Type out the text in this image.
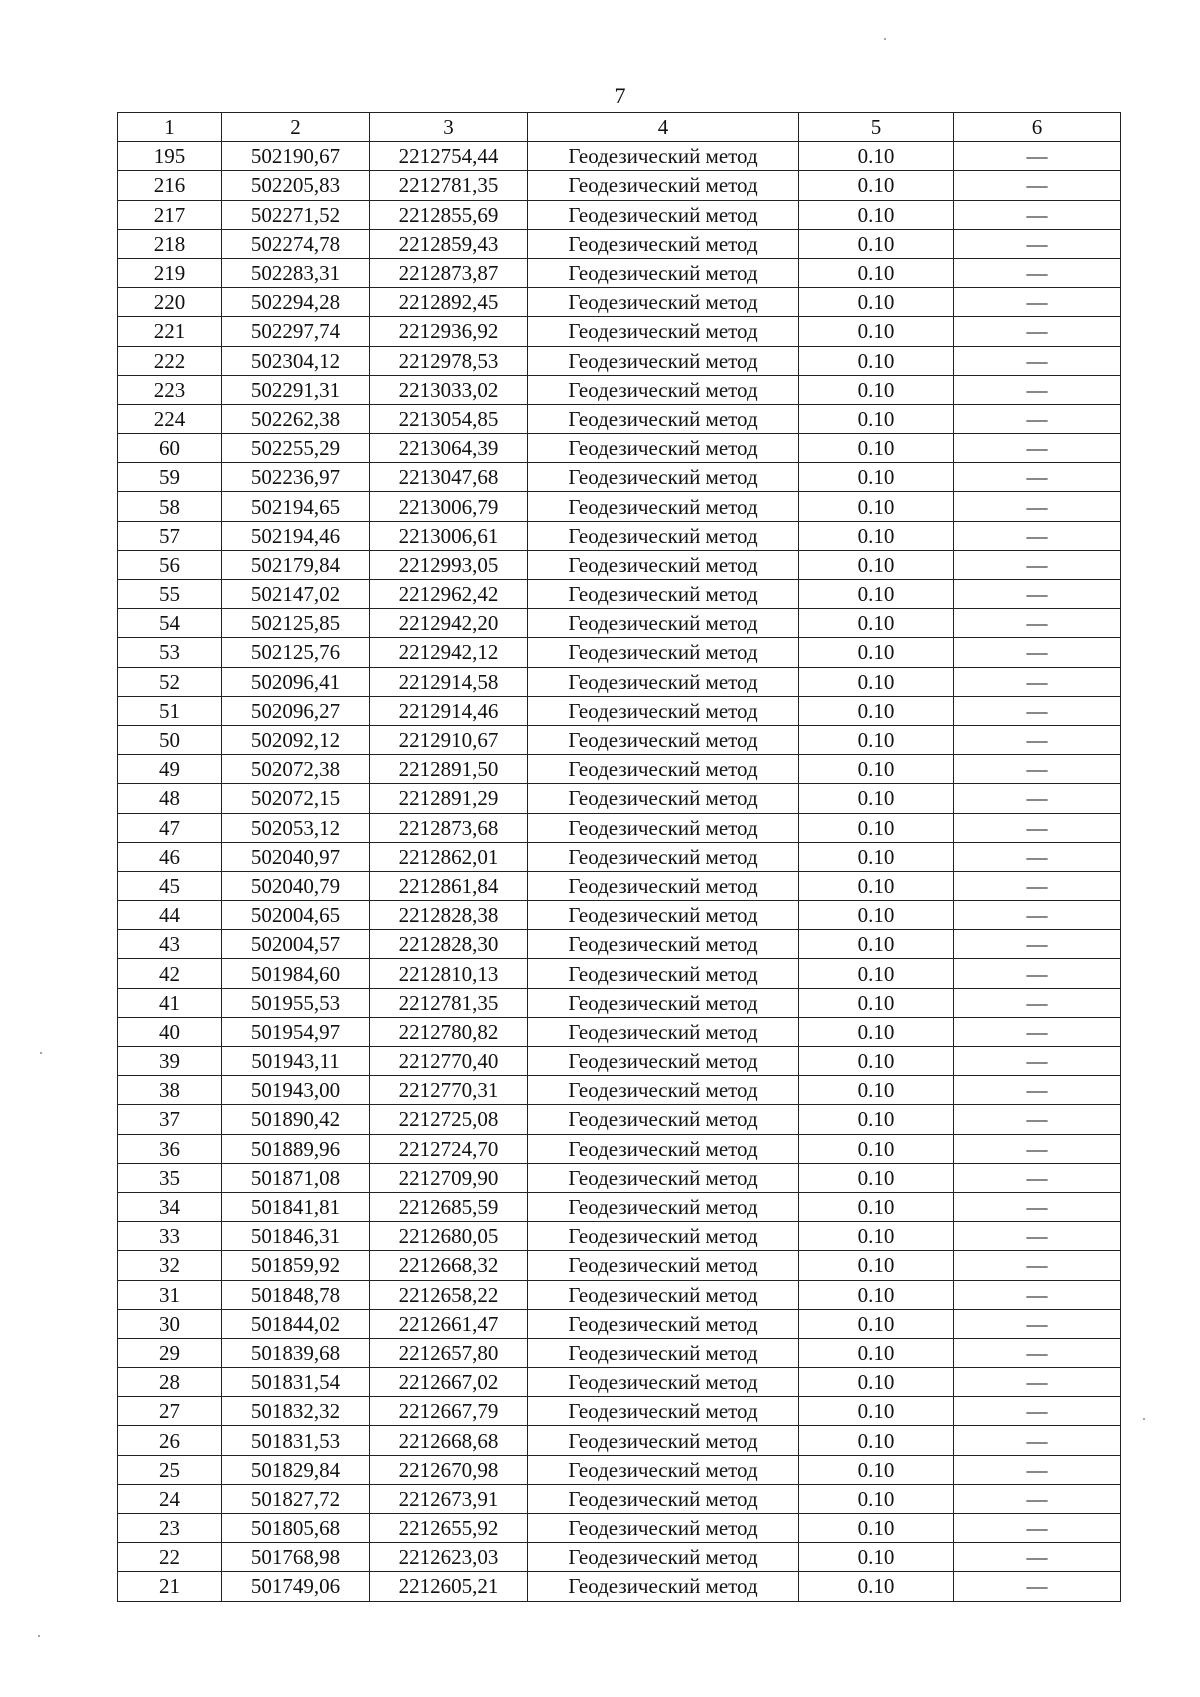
7
1	2	3	4	5	6
195	502190,67	2212754,44	Геодезический метод	0.10	—
216	502205,83	2212781,35	Геодезический метод	0.10	—
217	502271,52	2212855,69	Геодезический метод	0.10	—
218	502274,78	2212859,43	Геодезический метод	0.10	—
219	502283,31	2212873,87	Геодезический метод	0.10	—
220	502294,28	2212892,45	Геодезический метод	0.10	—
221	502297,74	2212936,92	Геодезический метод	0.10	—
222	502304,12	2212978,53	Геодезический метод	0.10	—
223	502291,31	2213033,02	Геодезический метод	0.10	—
224	502262,38	2213054,85	Геодезический метод	0.10	—
60	502255,29	2213064,39	Геодезический метод	0.10	—
59	502236,97	2213047,68	Геодезический метод	0.10	—
58	502194,65	2213006,79	Геодезический метод	0.10	—
57	502194,46	2213006,61	Геодезический метод	0.10	—
56	502179,84	2212993,05	Геодезический метод	0.10	—
55	502147,02	2212962,42	Геодезический метод	0.10	—
54	502125,85	2212942,20	Геодезический метод	0.10	—
53	502125,76	2212942,12	Геодезический метод	0.10	—
52	502096,41	2212914,58	Геодезический метод	0.10	—
51	502096,27	2212914,46	Геодезический метод	0.10	—
50	502092,12	2212910,67	Геодезический метод	0.10	—
49	502072,38	2212891,50	Геодезический метод	0.10	—
48	502072,15	2212891,29	Геодезический метод	0.10	—
47	502053,12	2212873,68	Геодезический метод	0.10	—
46	502040,97	2212862,01	Геодезический метод	0.10	—
45	502040,79	2212861,84	Геодезический метод	0.10	—
44	502004,65	2212828,38	Геодезический метод	0.10	—
43	502004,57	2212828,30	Геодезический метод	0.10	—
42	501984,60	2212810,13	Геодезический метод	0.10	—
41	501955,53	2212781,35	Геодезический метод	0.10	—
40	501954,97	2212780,82	Геодезический метод	0.10	—
39	501943,11	2212770,40	Геодезический метод	0.10	—
38	501943,00	2212770,31	Геодезический метод	0.10	—
37	501890,42	2212725,08	Геодезический метод	0.10	—
36	501889,96	2212724,70	Геодезический метод	0.10	—
35	501871,08	2212709,90	Геодезический метод	0.10	—
34	501841,81	2212685,59	Геодезический метод	0.10	—
33	501846,31	2212680,05	Геодезический метод	0.10	—
32	501859,92	2212668,32	Геодезический метод	0.10	—
31	501848,78	2212658,22	Геодезический метод	0.10	—
30	501844,02	2212661,47	Геодезический метод	0.10	—
29	501839,68	2212657,80	Геодезический метод	0.10	—
28	501831,54	2212667,02	Геодезический метод	0.10	—
27	501832,32	2212667,79	Геодезический метод	0.10	—
26	501831,53	2212668,68	Геодезический метод	0.10	—
25	501829,84	2212670,98	Геодезический метод	0.10	—
24	501827,72	2212673,91	Геодезический метод	0.10	—
23	501805,68	2212655,92	Геодезический метод	0.10	—
22	501768,98	2212623,03	Геодезический метод	0.10	—
21	501749,06	2212605,21	Геодезический метод	0.10	—
